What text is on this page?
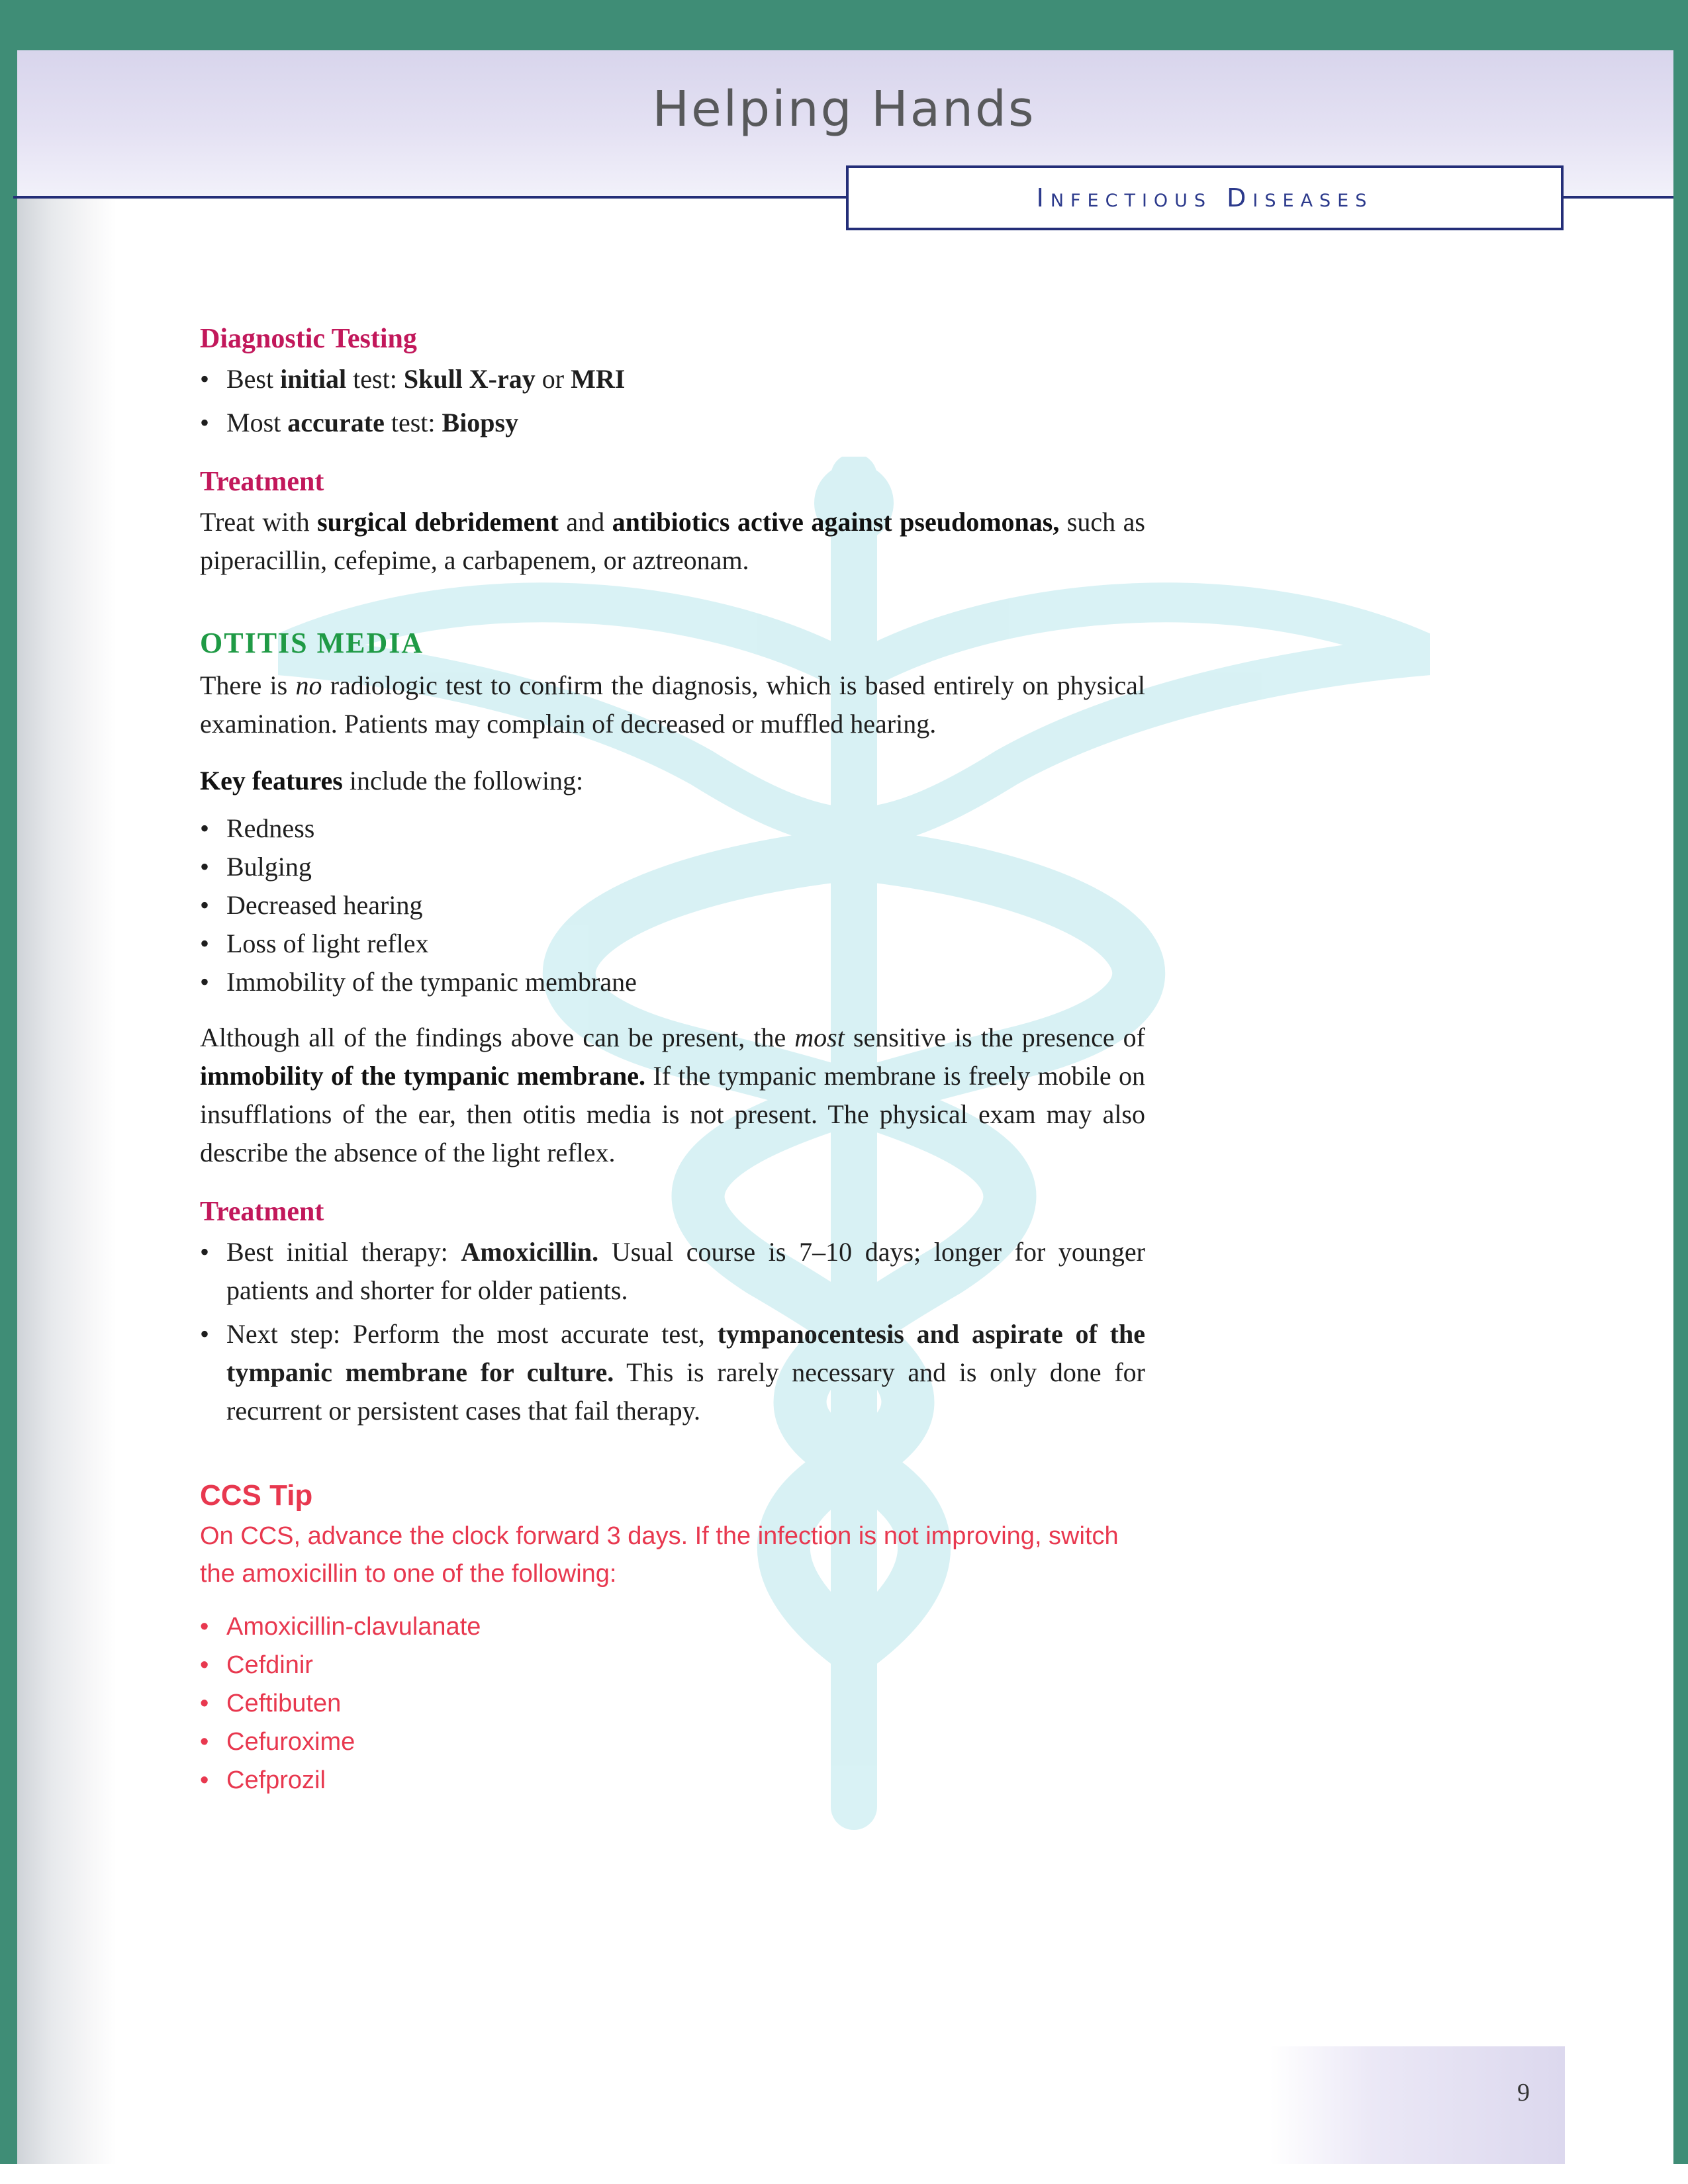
Helping Hands
Infectious Diseases
Diagnostic Testing
• Best initial test: Skull X-ray or MRI
• Most accurate test: Biopsy
Treatment

Treat with surgical debridement and antibiotics active against pseudomonas, such as piperacillin, cefepime, a carbapenem, or aztreonam.

OTITIS MEDIA

There is no radiologic test to confirm the diagnosis, which is based entirely on physical examination. Patients may complain of decreased or muffled hearing.

Key features include the following:

• Redness
• Bulging
• Decreased hearing
• Loss of light reflex
• Immobility of the tympanic membrane

Although all of the findings above can be present, the most sensitive is the presence of immobility of the tympanic membrane. If the tympanic membrane is freely mobile on insufflations of the ear, then otitis media is not present. The physical exam may also describe the absence of the light reflex.

Treatment
• Best initial therapy: Amoxicillin. Usual course is 7–10 days; longer for younger patients and shorter for older patients.
• Next step: Perform the most accurate test, tympanocentesis and aspirate of the tympanic membrane for culture. This is rarely necessary and is only done for recurrent or persistent cases that fail therapy.
CCS Tip

On CCS, advance the clock forward 3 days. If the infection is not improving, switch the amoxicillin to one of the following:

• Amoxicillin-clavulanate
• Cefdinir
• Ceftibuten
• Cefuroxime
• Cefprozil
9
